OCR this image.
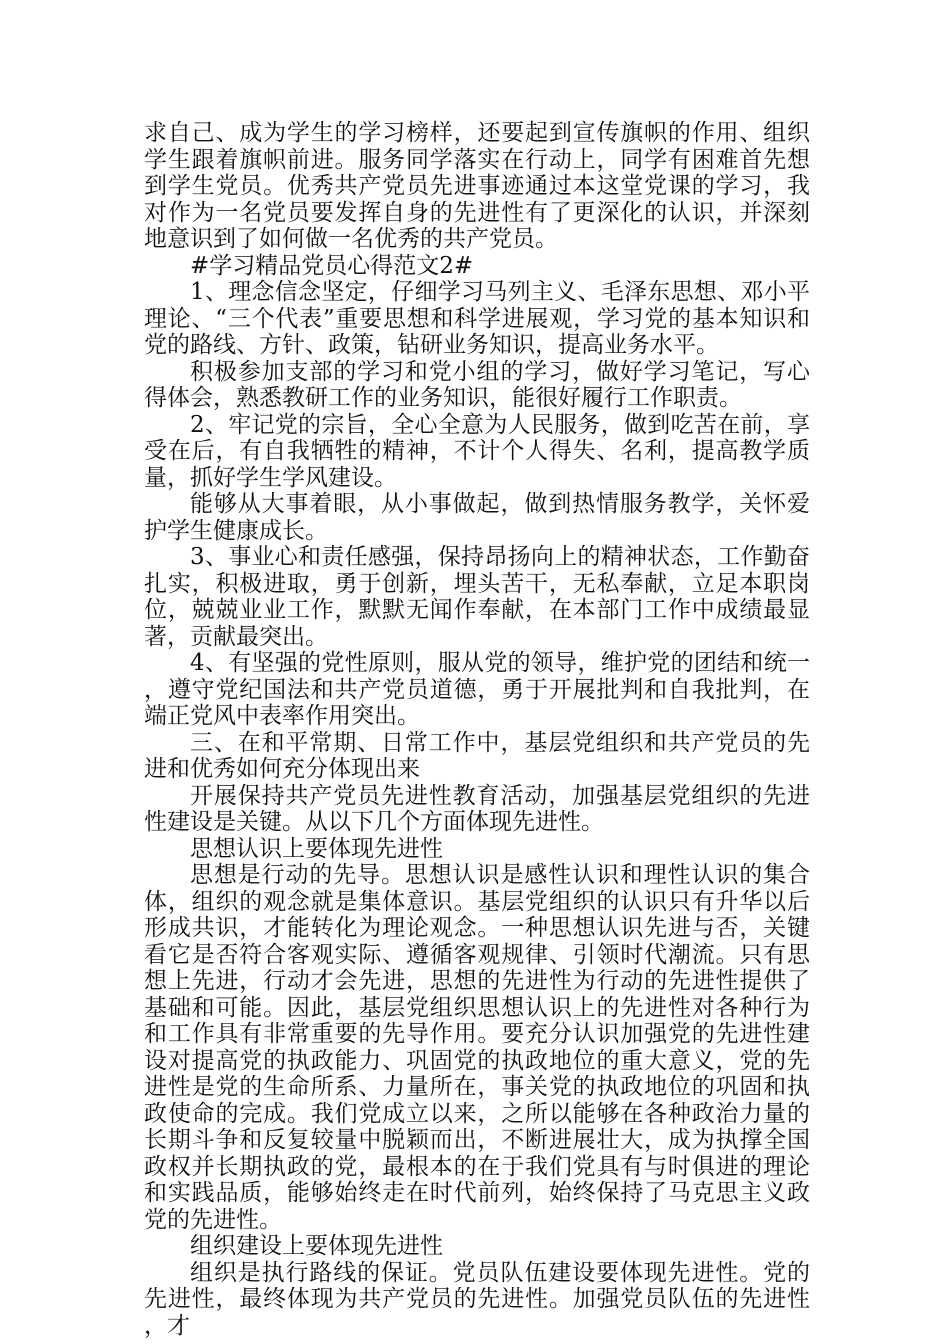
求自己、成为学生的学习榜样，还要起到宣传旗帜的作用、组织学生跟着旗帜前进。服务同学落实在行动上，同学有困难首先想到学生党员。优秀共产党员先进事迹通过本这堂党课的学习，我对作为一名党员要发挥自身的先进性有了更深化的认识，并深刻地意识到了如何做一名优秀的共产党员。

#学习精品党员心得范文2#

1、理念信念坚定，仔细学习马列主义、毛泽东思想、邓小平理论、“三个代表”重要思想和科学进展观，学习党的基本知识和党的路线、方针、政策，钻研业务知识，提高业务水平。

积极参加支部的学习和党小组的学习，做好学习笔记，写心得体会，熟悉教研工作的业务知识，能很好履行工作职责。

2、牢记党的宗旨，全心全意为人民服务，做到吃苦在前，享受在后，有自我牺牲的精神，不计个人得失、名利，提高教学质量，抓好学生学风建设。

能够从大事着眼，从小事做起，做到热情服务教学，关怀爱护学生健康成长。

3、事业心和责任感强，保持昂扬向上的精神状态，工作勤奋扎实，积极进取，勇于创新，埋头苦干，无私奉献，立足本职岗位，兢兢业业工作，默默无闻作奉献，在本部门工作中成绩最显著，贡献最突出。

4、有坚强的党性原则，服从党的领导，维护党的团结和统一，遵守党纪国法和共产党员道德，勇于开展批判和自我批判，在端正党风中表率作用突出。

三、在和平常期、日常工作中，基层党组织和共产党员的先进和优秀如何充分体现出来

开展保持共产党员先进性教育活动，加强基层党组织的先进性建设是关键。从以下几个方面体现先进性。

思想认识上要体现先进性

思想是行动的先导。思想认识是感性认识和理性认识的集合体，组织的观念就是集体意识。基层党组织的认识只有升华以后形成共识，才能转化为理论观念。一种思想认识先进与否，关键看它是否符合客观实际、遵循客观规律、引领时代潮流。只有思想上先进，行动才会先进，思想的先进性为行动的先进性提供了基础和可能。因此，基层党组织思想认识上的先进性对各种行为和工作具有非常重要的先导作用。要充分认识加强党的先进性建设对提高党的执政能力、巩固党的执政地位的重大意义，党的先进性是党的生命所系、力量所在，事关党的执政地位的巩固和执政使命的完成。我们党成立以来，之所以能够在各种政治力量的长期斗争和反复较量中脱颖而出，不断进展壮大，成为执撑全国政权并长期执政的党，最根本的在于我们党具有与时俱进的理论和实践品质，能够始终走在时代前列，始终保持了马克思主义政党的先进性。

组织建设上要体现先进性

组织是执行路线的保证。党员队伍建设要体现先进性。党的先进性，最终体现为共产党员的先进性。加强党员队伍的先进性，才
